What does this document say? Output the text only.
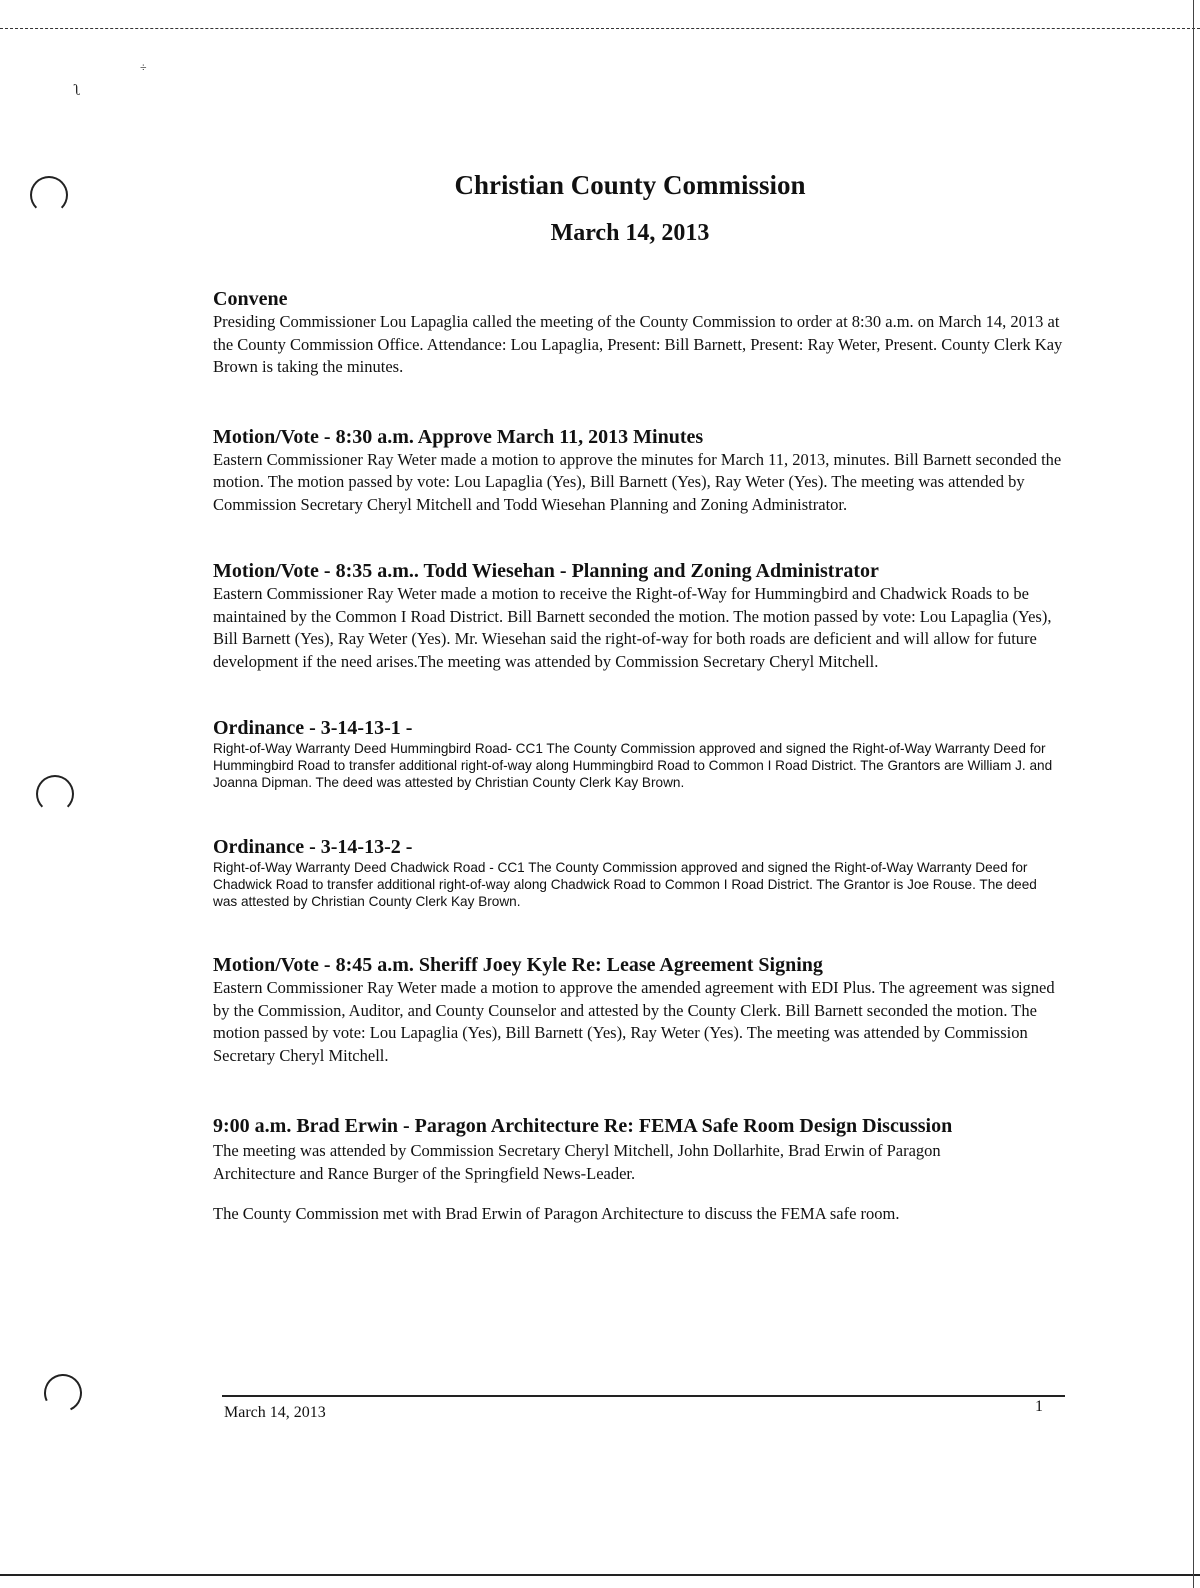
ʅ
÷
Christian County Commission
March 14, 2013
Convene

Presiding Commissioner Lou Lapaglia called the meeting of the County Commission to order at 8:30 a.m. on March 14, 2013 at the County Commission Office. Attendance: Lou Lapaglia, Present: Bill Barnett, Present: Ray Weter, Present. County Clerk Kay Brown is taking the minutes.

Motion/Vote - 8:30 a.m. Approve March 11, 2013 Minutes

Eastern Commissioner Ray Weter made a motion to approve the minutes for March 11, 2013, minutes. Bill Barnett seconded the motion. The motion passed by vote: Lou Lapaglia (Yes), Bill Barnett (Yes), Ray Weter (Yes). The meeting was attended by Commission Secretary Cheryl Mitchell and Todd Wiesehan Planning and Zoning Administrator.

Motion/Vote - 8:35 a.m.. Todd Wiesehan - Planning and Zoning Administrator

Eastern Commissioner Ray Weter made a motion to receive the Right-of-Way for Hummingbird and Chadwick Roads to be maintained by the Common I Road District. Bill Barnett seconded the motion. The motion passed by vote: Lou Lapaglia (Yes), Bill Barnett (Yes), Ray Weter (Yes). Mr. Wiesehan said the right-of-way for both roads are deficient and will allow for future development if the need arises.The meeting was attended by Commission Secretary Cheryl Mitchell.

Ordinance - 3-14-13-1 -

Right-of-Way Warranty Deed Hummingbird Road- CC1 The County Commission approved and signed the Right-of-Way Warranty Deed for Hummingbird Road to transfer additional right-of-way along Hummingbird Road to Common I Road District. The Grantors are William J. and Joanna Dipman. The deed was attested by Christian County Clerk Kay Brown.

Ordinance - 3-14-13-2 -

Right-of-Way Warranty Deed Chadwick Road - CC1 The County Commission approved and signed the Right-of-Way Warranty Deed for Chadwick Road to transfer additional right-of-way along Chadwick Road to Common I Road District. The Grantor is Joe Rouse. The deed was attested by Christian County Clerk Kay Brown.

Motion/Vote - 8:45 a.m. Sheriff Joey Kyle Re: Lease Agreement Signing

Eastern Commissioner Ray Weter made a motion to approve the amended agreement with EDI Plus. The agreement was signed by the Commission, Auditor, and County Counselor and attested by the County Clerk. Bill Barnett seconded the motion. The motion passed by vote: Lou Lapaglia (Yes), Bill Barnett (Yes), Ray Weter (Yes). The meeting was attended by Commission Secretary Cheryl Mitchell.

9:00 a.m. Brad Erwin - Paragon Architecture Re: FEMA Safe Room Design Discussion

The meeting was attended by Commission Secretary Cheryl Mitchell, John Dollarhite, Brad Erwin of Paragon Architecture and Rance Burger of the Springfield News-Leader.

The County Commission met with Brad Erwin of Paragon Architecture to discuss the FEMA safe room.

March 14, 2013	1
